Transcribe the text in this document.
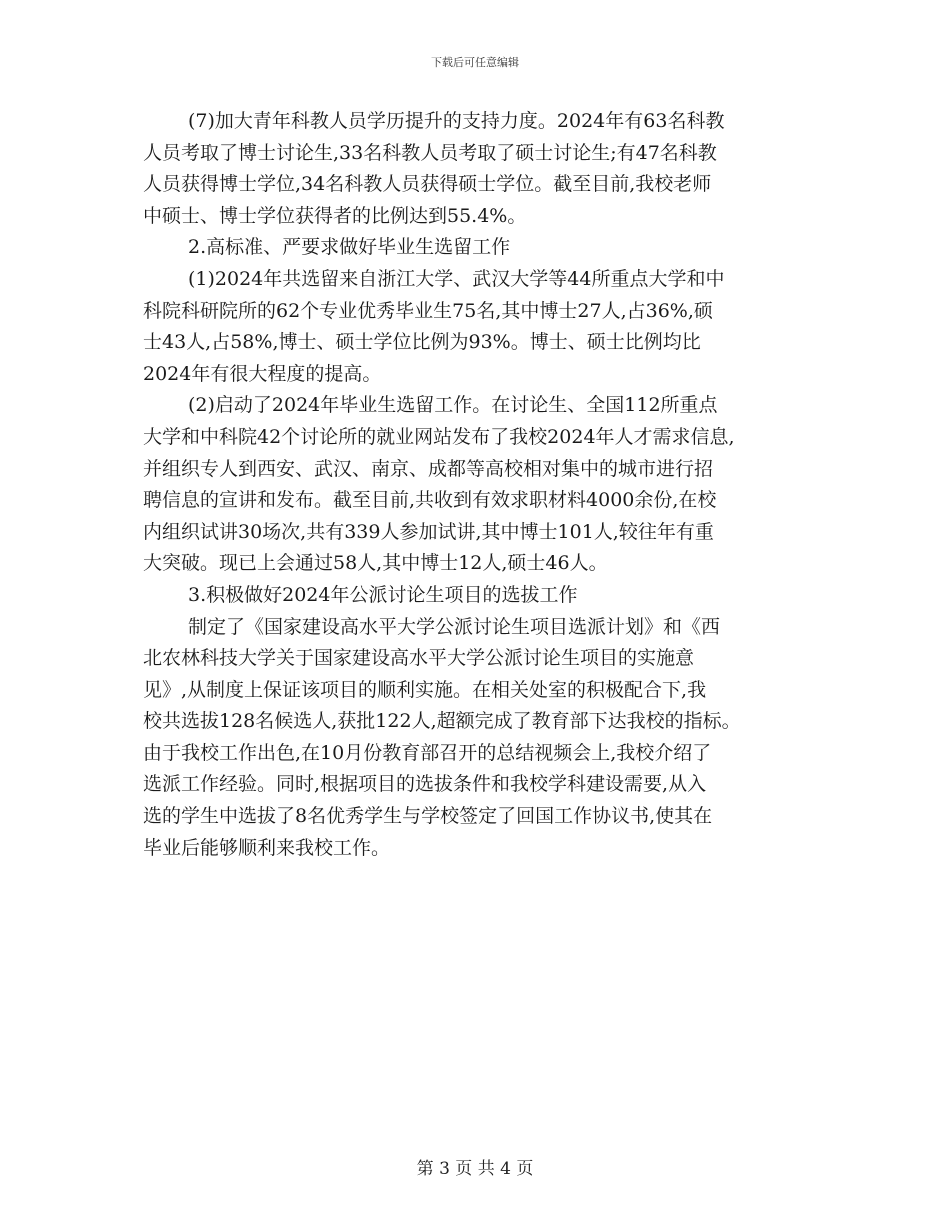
下载后可任意编辑
(7)加大青年科教人员学历提升的支持力度。2024年有63名科教
人员考取了博士讨论生,33名科教人员考取了硕士讨论生;有47名科教
人员获得博士学位,34名科教人员获得硕士学位。截至目前,我校老师
中硕士、博士学位获得者的比例达到55.4%。
2.高标准、严要求做好毕业生选留工作
(1)2024年共选留来自浙江大学、武汉大学等44所重点大学和中
科院科研院所的62个专业优秀毕业生75名,其中博士27人,占36%,硕
士43人,占58%,博士、硕士学位比例为93%。博士、硕士比例均比
2024年有很大程度的提高。
(2)启动了2024年毕业生选留工作。在讨论生、全国112所重点
大学和中科院42个讨论所的就业网站发布了我校2024年人才需求信息,
并组织专人到西安、武汉、南京、成都等高校相对集中的城市进行招
聘信息的宣讲和发布。截至目前,共收到有效求职材料4000余份,在校
内组织试讲30场次,共有339人参加试讲,其中博士101人,较往年有重
大突破。现已上会通过58人,其中博士12人,硕士46人。
3.积极做好2024年公派讨论生项目的选拔工作
制定了《国家建设高水平大学公派讨论生项目选派计划》和《西
北农林科技大学关于国家建设高水平大学公派讨论生项目的实施意
见》,从制度上保证该项目的顺利实施。在相关处室的积极配合下,我
校共选拔128名候选人,获批122人,超额完成了教育部下达我校的指标。
由于我校工作出色,在10月份教育部召开的总结视频会上,我校介绍了
选派工作经验。同时,根据项目的选拔条件和我校学科建设需要,从入
选的学生中选拔了8名优秀学生与学校签定了回国工作协议书,使其在
毕业后能够顺利来我校工作。
第 3 页 共 4 页
